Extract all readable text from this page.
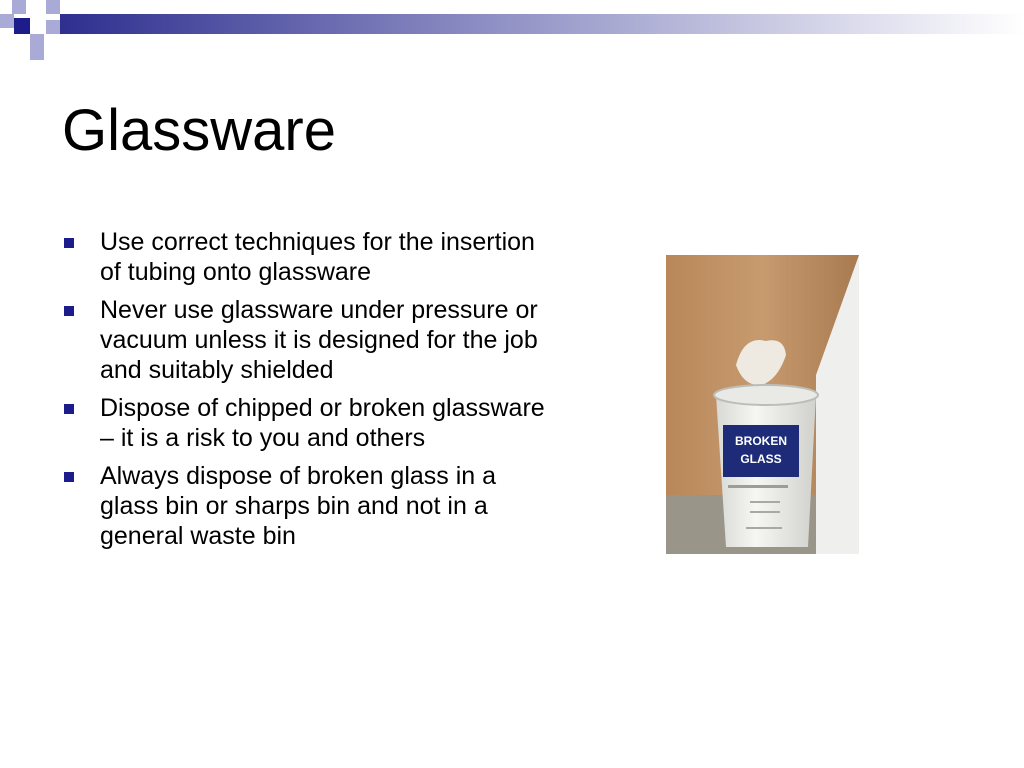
Glassware
Use correct techniques for the insertion of tubing onto glassware
Never use glassware under pressure or vacuum unless it is designed for the job and suitably shielded
Dispose of chipped or broken glassware – it is a risk to you and others
Always dispose of broken glass in a glass bin or sharps bin and not in a general waste bin
BROKEN
GLASS
